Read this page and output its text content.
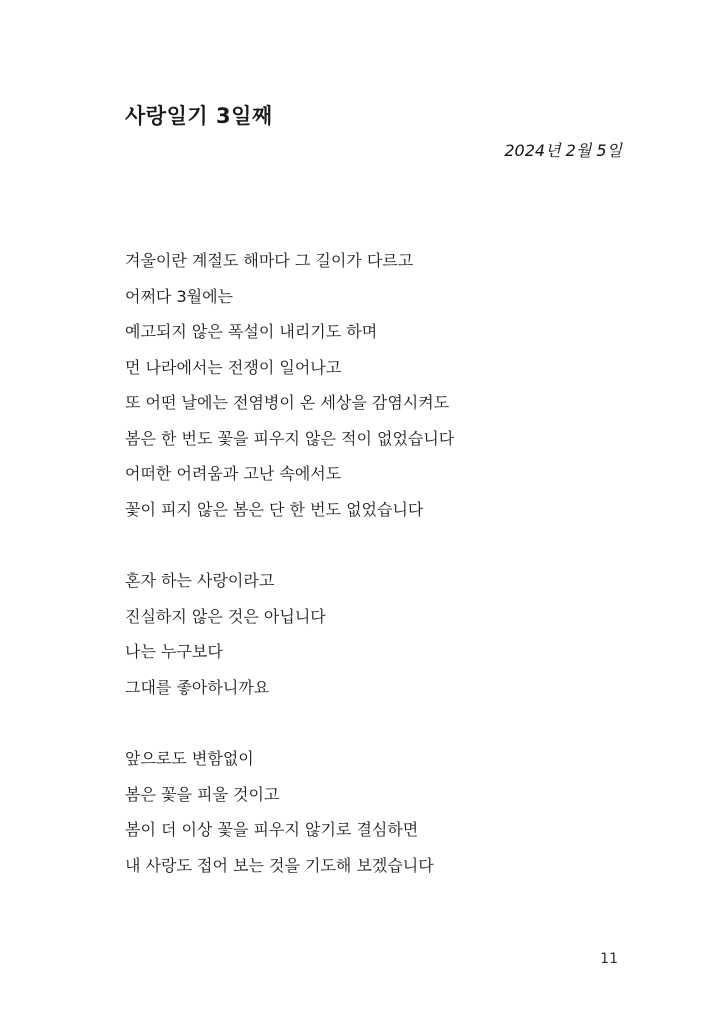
사랑일기 3일째
2024년 2월 5일
겨울이란 계절도 해마다 그 길이가 다르고
어쩌다 3월에는
예고되지 않은 폭설이 내리기도 하며
먼 나라에서는 전쟁이 일어나고
또 어떤 날에는 전염병이 온 세상을 감염시켜도
봄은 한 번도 꽃을 피우지 않은 적이 없었습니다
어떠한 어려움과 고난 속에서도
꽃이 피지 않은 봄은 단 한 번도 없었습니다
혼자 하는 사랑이라고
진실하지 않은 것은 아닙니다
나는 누구보다
그대를 좋아하니까요
앞으로도 변함없이
봄은 꽃을 피울 것이고
봄이 더 이상 꽃을 피우지 않기로 결심하면
내 사랑도 접어 보는 것을 기도해 보겠습니다
11
